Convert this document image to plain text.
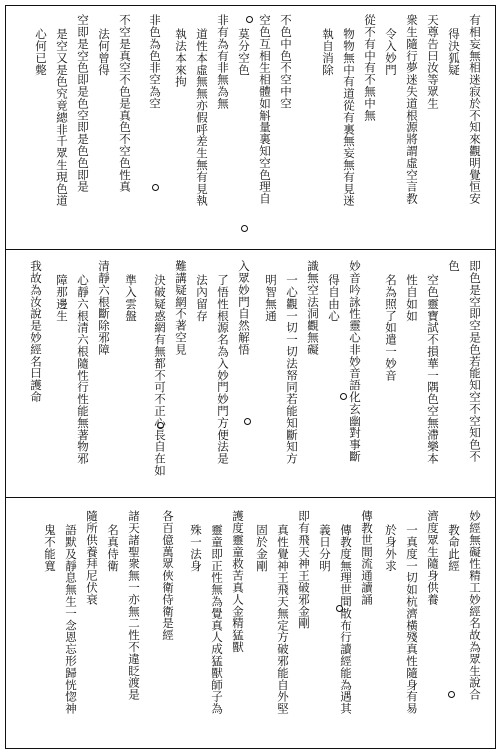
有相妄無相迷寂於不知來觀明覺恒安
得決狐疑
天尊告曰汝等眾生
衆生隨行夢迷失道根源將謂虛空言教
令入妙門
從不有中有不無中無
物物無中有道從有裏無妄無有見迷
執自消除
不色中色不空中空
空色互相生相體如斛量裏知空色理自
莫分空色
非有為有非無為無
道性本虛無無亦假呼差生無有見執
執法本來拘
非色為色非空為空
不空是真空不色是真色不空色性真
法何曾得
空即是空色即是色空即是色色即是
是空又是色究竟總非千眾生現色道
心何已斃
即色是空即空是色若能知空不空知色不
色
空色靈寶試不損華一隅色空無滯樂本
性自如如
名為照了如遣一妙音
妙音吟詠性靈心非妙音語化玄幽對事斷
得自由心
識無空法洞觀無礙
一心觀一切一切法帑同若能知斷知方
明智無通
入眾妙門自然解悟
了悟性根源名為入妙門妙門方便法是
法內留存
難講疑網不著空見
決破疑惑網有無都不可不正心長自在如
準入雲盤
清靜六根斷除邪障
心靜六根清六根隨性行性能無著物邪
障那邊生
我故為汝說是妙經名曰護命
妙經無礙性精工妙經名故為眾生說合
教命此經
濟度眾生隨身供養
一真度一切如杭濟橫殘真性隨身有易
於身外求
傳教世間流通讀誦
傳教度無理世間散布行讀經能為遇其
義日分明
即有飛天神王破邪金剛
真性覺神王飛天無定方破邪能自外堅
固於金剛
護度靈童救苦真人金精猛獸
靈童即正性無為覺真人成猛獸師子為
殊一法身
各百億萬眾俠衛侍衛是經
諸天諸聖衆無一亦無二性不違眨渡是
名真侍衛
隨所供養拜尼伏衰
語默及靜息無生一念恩忘形歸恍惚神
鬼不能寬
